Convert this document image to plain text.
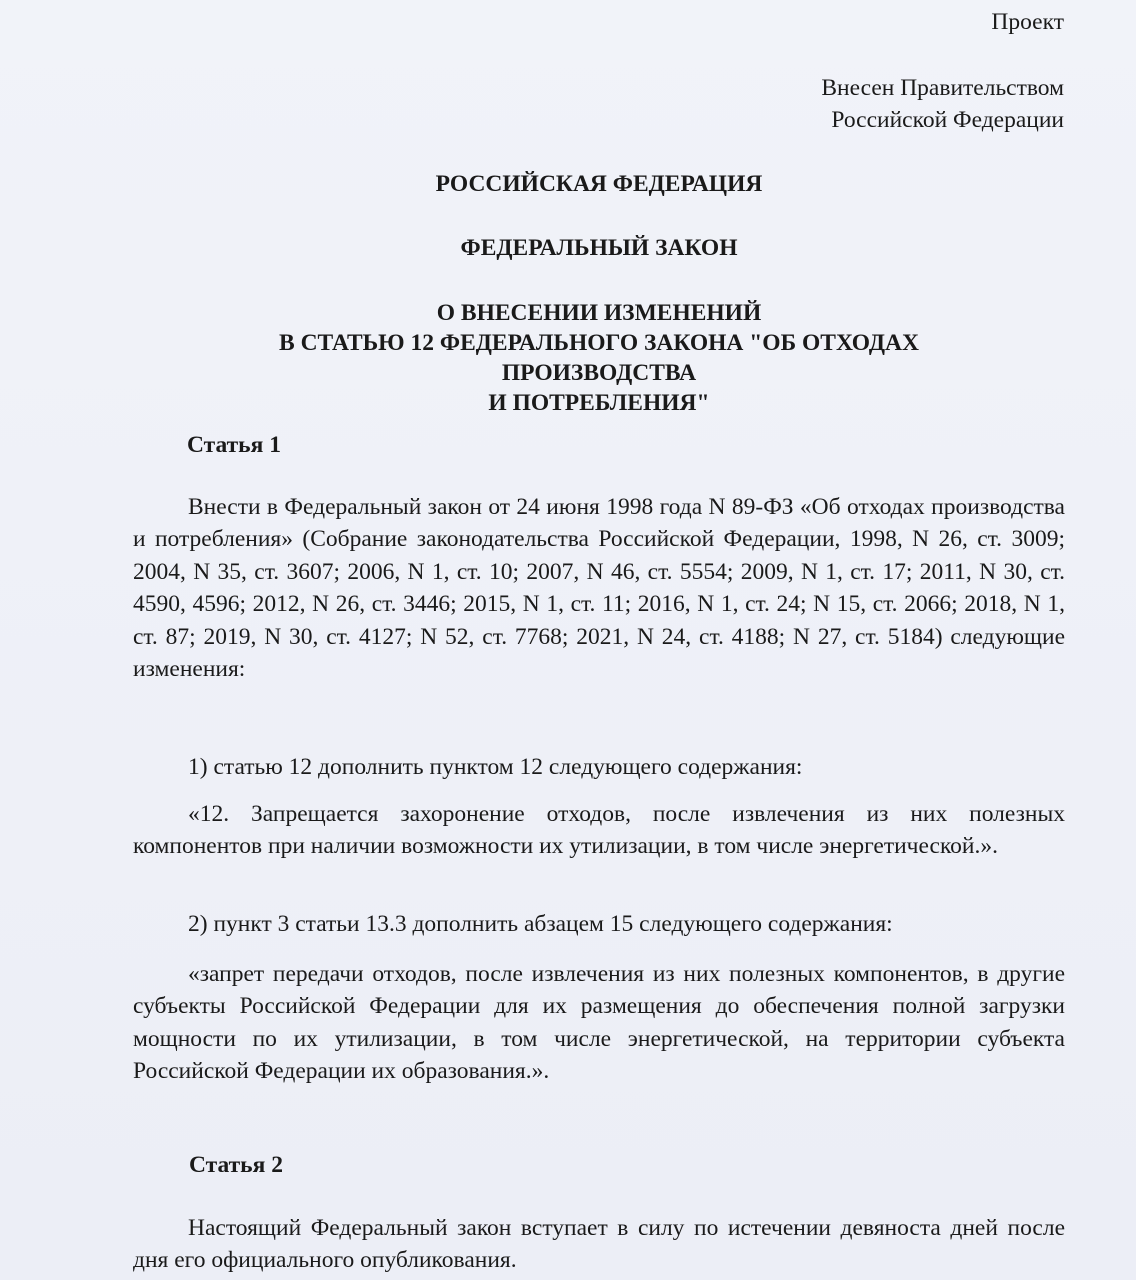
Проект
Внесен Правительством
Российской Федерации
РОССИЙСКАЯ ФЕДЕРАЦИЯ
ФЕДЕРАЛЬНЫЙ ЗАКОН
О ВНЕСЕНИИ ИЗМЕНЕНИЙ
В СТАТЬЮ 12 ФЕДЕРАЛЬНОГО ЗАКОНА "ОБ ОТХОДАХ
ПРОИЗВОДСТВА
И ПОТРЕБЛЕНИЯ"
Статья 1
Внести в Федеральный закон от 24 июня 1998 года N 89-ФЗ «Об отходах производства и потребления» (Собрание законодательства Российской Федерации, 1998, N 26, ст. 3009; 2004, N 35, ст. 3607; 2006, N 1, ст. 10; 2007, N 46, ст. 5554; 2009, N 1, ст. 17; 2011, N 30, ст. 4590, 4596; 2012, N 26, ст. 3446; 2015, N 1, ст. 11; 2016, N 1, ст. 24; N 15, ст. 2066; 2018, N 1, ст. 87; 2019, N 30, ст. 4127; N 52, ст. 7768; 2021, N 24, ст. 4188; N 27, ст. 5184) следующие изменения:
1) статью 12 дополнить пунктом 12 следующего содержания:
«12. Запрещается захоронение отходов, после извлечения из них полезных компонентов при наличии возможности их утилизации, в том числе энергетической.».
2) пункт 3 статьи 13.3 дополнить абзацем 15 следующего содержания:
«запрет передачи отходов, после извлечения из них полезных компонентов, в другие субъекты Российской Федерации для их размещения до обеспечения полной загрузки мощности по их утилизации, в том числе энергетической, на территории субъекта Российской Федерации их образования.».
Статья 2
Настоящий Федеральный закон вступает в силу по истечении девяноста дней после дня его официального опубликования.
